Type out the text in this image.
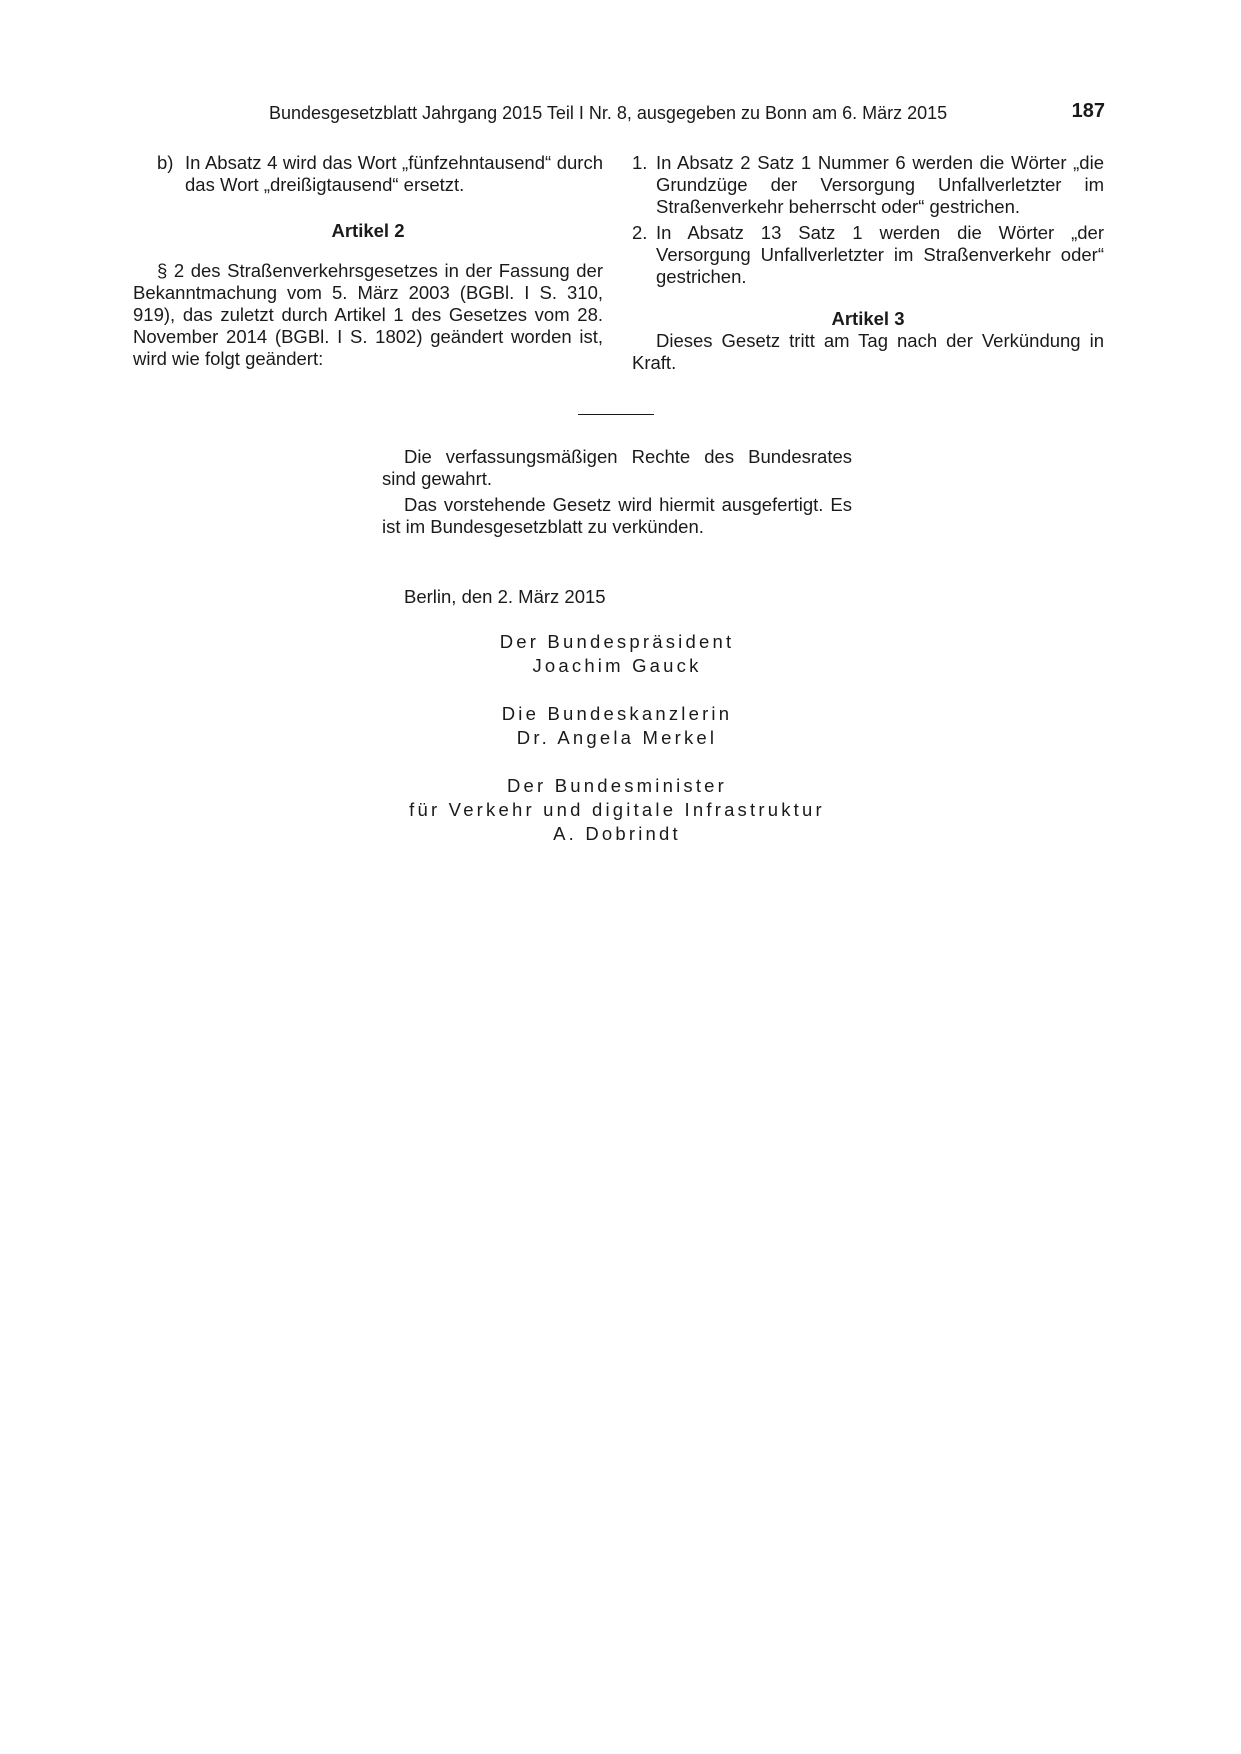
Bundesgesetzblatt Jahrgang 2015 Teil I Nr. 8, ausgegeben zu Bonn am 6. März 2015	187
b) In Absatz 4 wird das Wort „fünfzehntausend“ durch das Wort „dreißigtausend“ ersetzt.
Artikel 2

§ 2 des Straßenverkehrsgesetzes in der Fassung der Bekanntmachung vom 5. März 2003 (BGBl. I S. 310, 919), das zuletzt durch Artikel 1 des Gesetzes vom 28. November 2014 (BGBl. I S. 1802) geändert worden ist, wird wie folgt geändert:

1. In Absatz 2 Satz 1 Nummer 6 werden die Wörter „die Grundzüge der Versorgung Unfallverletzter im Straßenverkehr beherrscht oder“ gestrichen.
2. In Absatz 13 Satz 1 werden die Wörter „der Versorgung Unfallverletzter im Straßenverkehr oder“ gestrichen.
Artikel 3

Dieses Gesetz tritt am Tag nach der Verkündung in Kraft.

Die verfassungsmäßigen Rechte des Bundesrates sind gewahrt.

Das vorstehende Gesetz wird hiermit ausgefertigt. Es ist im Bundesgesetzblatt zu verkünden.

Berlin, den 2. März 2015
Der Bundespräsident
Joachim Gauck
Die Bundeskanzlerin
Dr. Angela Merkel
Der Bundesminister
für Verkehr und digitale Infrastruktur
A. Dobrindt
